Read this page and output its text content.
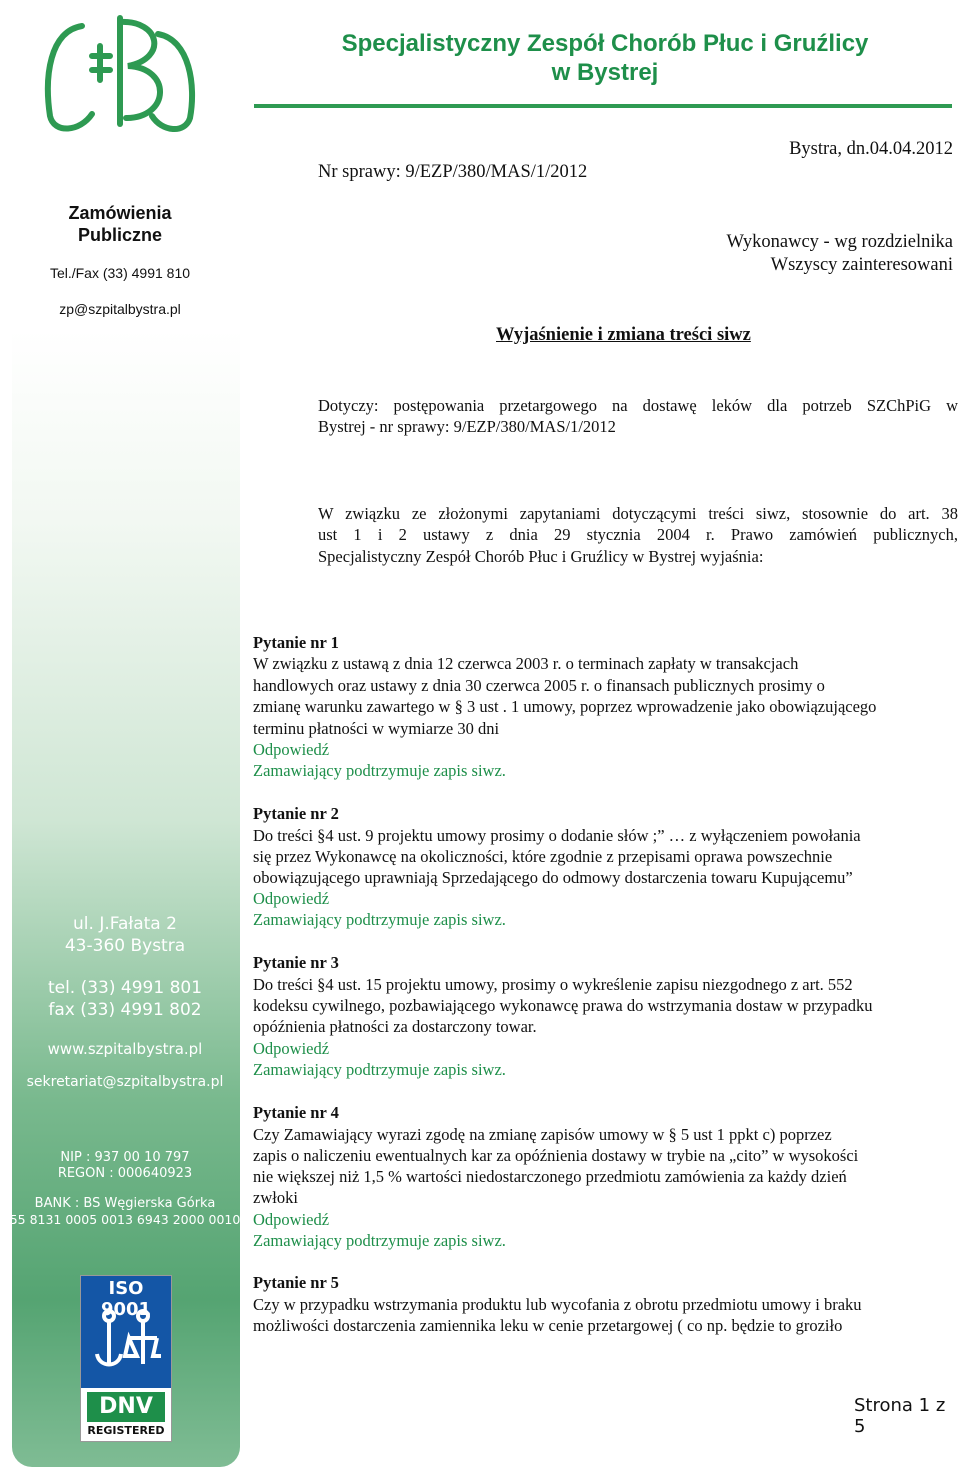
Zamówienia
Publiczne
Tel./Fax (33) 4991 810
zp@szpitalbystra.pl
ul. J.Fałata 2
43-360 Bystra
tel. (33) 4991 801
fax (33) 4991 802
www.szpitalbystra.pl
sekretariat@szpitalbystra.pl
NIP : 937 00 10 797
REGON : 000640923
BANK : BS Węgierska Górka
55 8131 0005 0013 6943 2000 0010
ISO 9001
DNV
REGISTERED
Specjalistyczny Zespół Chorób Płuc i Gruźlicy
w Bystrej
Nr sprawy: 9/EZP/380/MAS/1/2012
Bystra, dn.04.04.2012
Wykonawcy - wg rozdzielnika
Wszyscy zainteresowani
Wyjaśnienie i zmiana treści siwz
Dotyczy: postępowania przetargowego na dostawę leków dla potrzeb SZChPiG w
Bystrej - nr sprawy: 9/EZP/380/MAS/1/2012
W związku ze złożonymi zapytaniami dotyczącymi treści siwz, stosownie do art. 38
ust 1 i 2 ustawy z dnia 29 stycznia 2004 r. Prawo zamówień publicznych,
Specjalistyczny Zespół Chorób Płuc i Gruźlicy w Bystrej wyjaśnia:
Pytanie nr 1
W związku z ustawą z dnia 12 czerwca 2003 r. o terminach zapłaty w transakcjach
handlowych oraz ustawy z dnia 30 czerwca 2005 r. o finansach publicznych prosimy o
zmianę warunku zawartego w § 3 ust . 1 umowy, poprzez wprowadzenie jako obowiązującego
terminu płatności w wymiarze 30 dni
Odpowiedź
Zamawiający podtrzymuje zapis siwz.
Pytanie nr 2
Do treści §4 ust. 9 projektu umowy prosimy o dodanie słów ;” … z wyłączeniem powołania
się przez Wykonawcę na okoliczności, które zgodnie z przepisami oprawa powszechnie
obowiązującego uprawniają Sprzedającego do odmowy dostarczenia towaru Kupującemu”
Odpowiedź
Zamawiający podtrzymuje zapis siwz.
Pytanie nr 3
Do treści §4 ust. 15 projektu umowy, prosimy o wykreślenie zapisu niezgodnego z art. 552
kodeksu cywilnego, pozbawiającego wykonawcę prawa do wstrzymania dostaw w przypadku
opóźnienia płatności za dostarczony towar.
Odpowiedź
Zamawiający podtrzymuje zapis siwz.
Pytanie nr 4
Czy Zamawiający wyrazi zgodę na zmianę zapisów umowy w § 5 ust 1 ppkt c) poprzez
zapis o naliczeniu ewentualnych kar za opóźnienia dostawy w trybie na „cito” w wysokości
nie większej niż 1,5 % wartości niedostarczonego przedmiotu zamówienia za każdy dzień
zwłoki
Odpowiedź
Zamawiający podtrzymuje zapis siwz.
Pytanie nr 5
Czy w przypadku wstrzymania produktu lub wycofania z obrotu przedmiotu umowy i braku
możliwości dostarczenia zamiennika leku w cenie przetargowej ( co np. będzie to groziło
Strona 1 z 5
